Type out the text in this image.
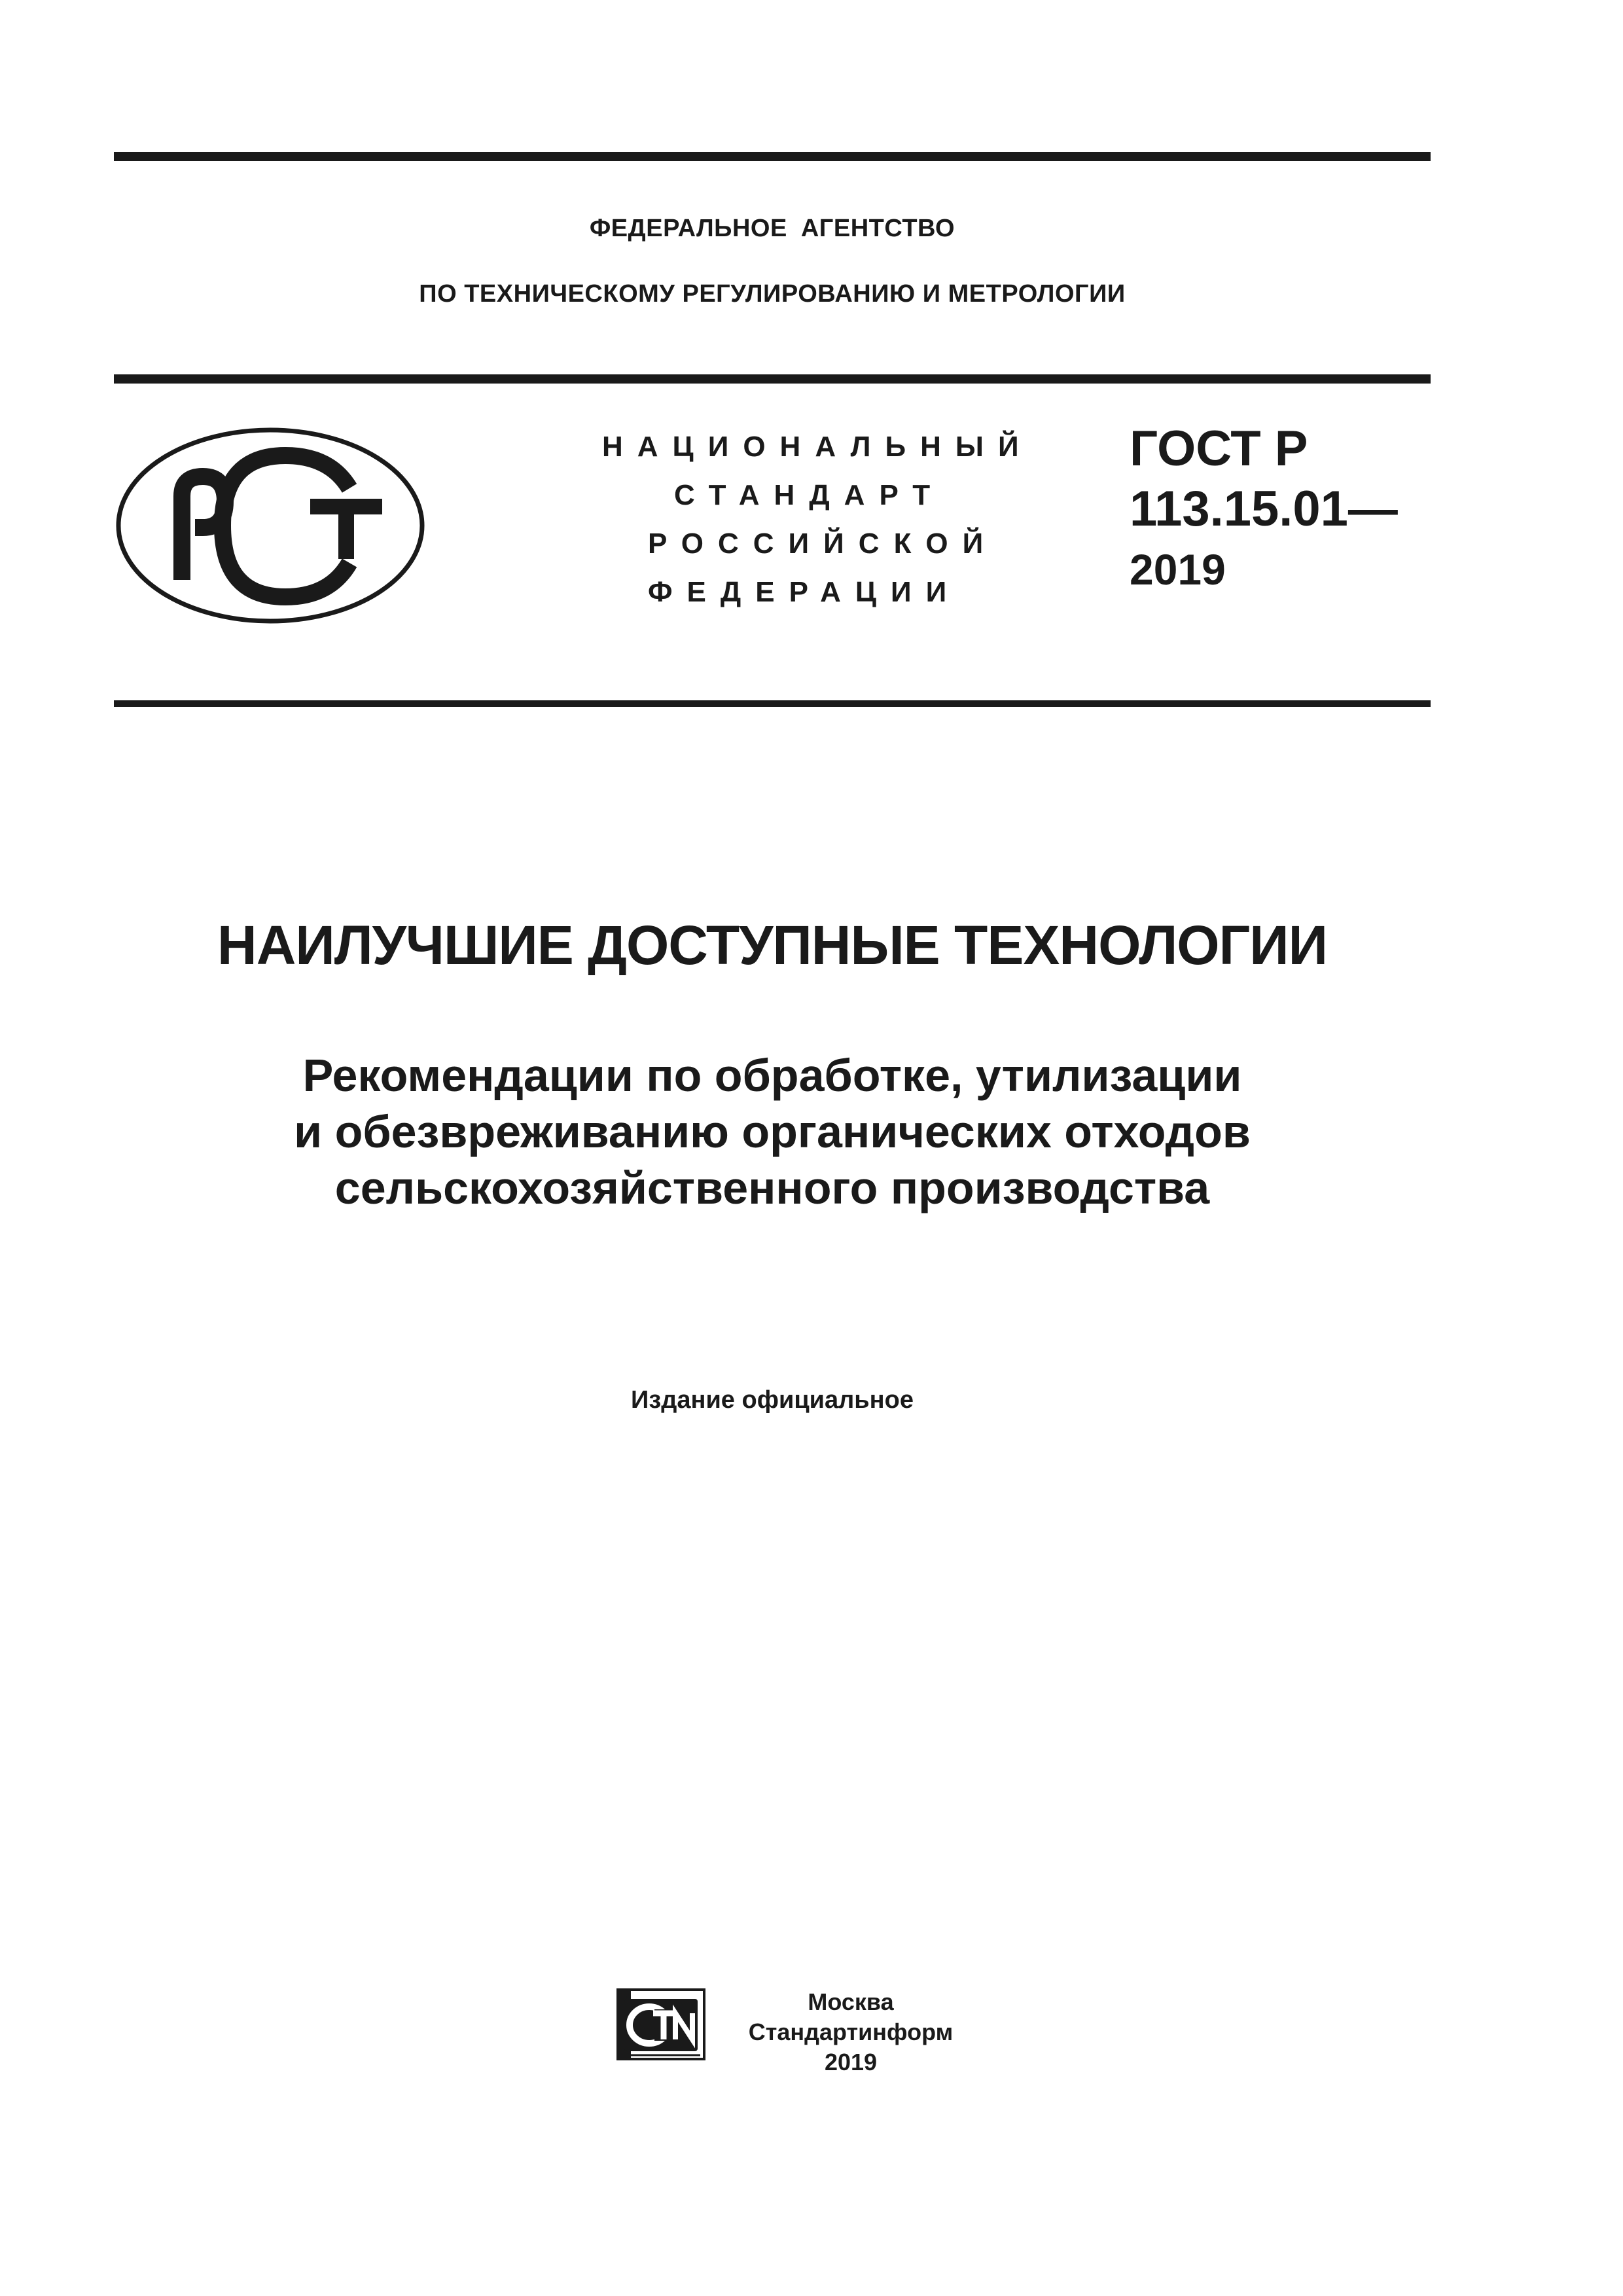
ФЕДЕРАЛЬНОЕ АГЕНТСТВО
ПО ТЕХНИЧЕСКОМУ РЕГУЛИРОВАНИЮ И МЕТРОЛОГИИ
НАЦИОНАЛЬНЫЙ
СТАНДАРТ
РОССИЙСКОЙ
ФЕДЕРАЦИИ
ГОСТ Р
113.15.01—
2019
НАИЛУЧШИЕ ДОСТУПНЫЕ ТЕХНОЛОГИИ
Рекомендации по обработке, утилизации
и обезвреживанию органических отходов
сельскохозяйственного производства
Издание официальное
Москва
Стандартинформ
2019
